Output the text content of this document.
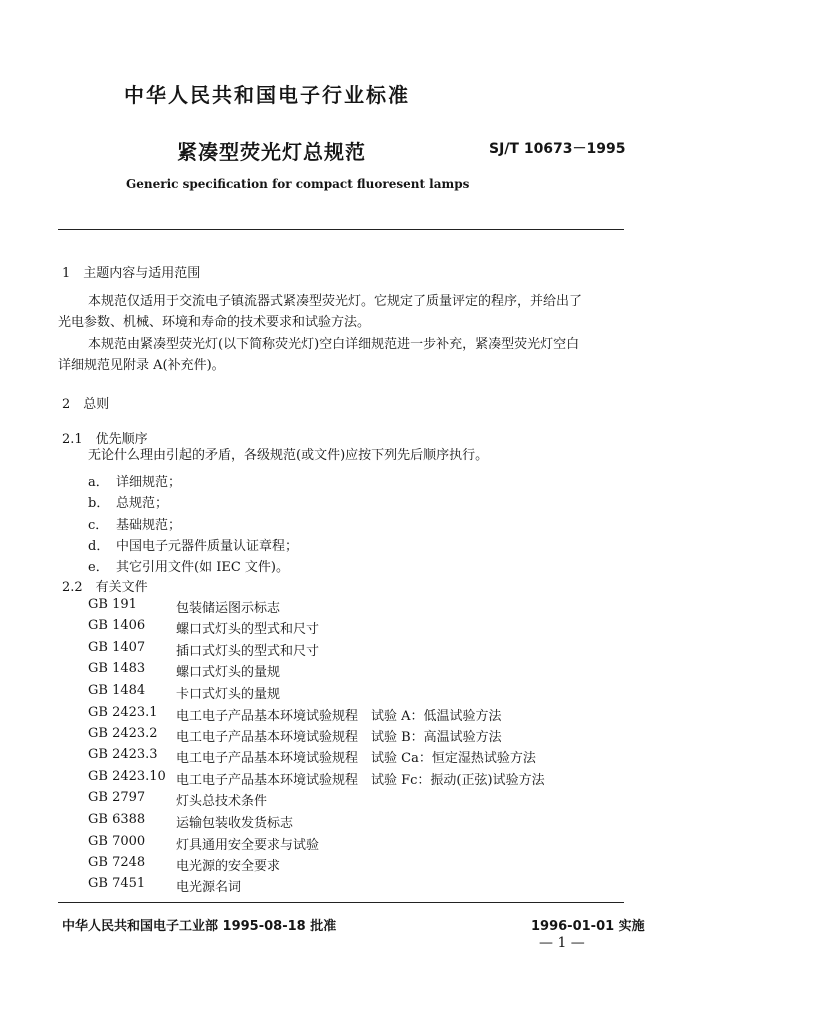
中华人民共和国电子行业标准
紧凑型荧光灯总规范	SJ/T 10673－1995
Generic specification for compact fluoresent lamps
1　主题内容与适用范围
本规范仅适用于交流电子镇流器式紧凑型荧光灯。它规定了质量评定的程序，并给出了
光电参数、机械、环境和寿命的技术要求和试验方法。
本规范由紧凑型荧光灯(以下简称荧光灯)空白详细规范进一步补充，紧凑型荧光灯空白
详细规范见附录 A(补充件)。
2　总则
2.1　优先顺序
无论什么理由引起的矛盾，各级规范(或文件)应按下列先后顺序执行。
a． 详细规范；
b． 总规范；
c． 基础规范；
d． 中国电子元器件质量认证章程；
e． 其它引用文件(如 IEC 文件)。
2.2　有关文件
GB 191	包装储运图示标志
GB 1406 螺口式灯头的型式和尺寸
GB 1407 插口式灯头的型式和尺寸
GB 1483 螺口式灯头的量规
GB 1484 卡口式灯头的量规
GB 2423.1 电工电子产品基本环境试验规程　试验 A：低温试验方法
GB 2423.2 电工电子产品基本环境试验规程　试验 B：高温试验方法
GB 2423.3 电工电子产品基本环境试验规程　试验 Ca：恒定湿热试验方法
GB 2423.10 电工电子产品基本环境试验规程　试验 Fc：振动(正弦)试验方法
GB 2797 灯头总技术条件
GB 6388 运输包装收发货标志
GB 7000 灯具通用安全要求与试验
GB 7248 电光源的安全要求
GB 7451 电光源名词
中华人民共和国电子工业部 1995-08-18 批准	1996-01-01 实施
— 1 —
